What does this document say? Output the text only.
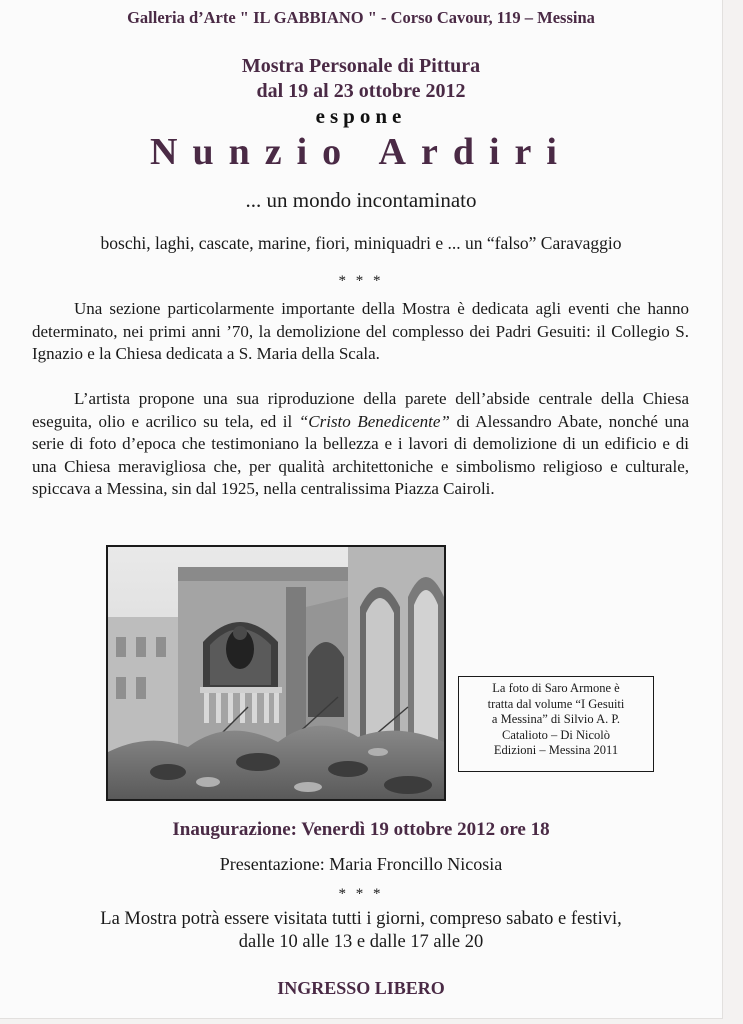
Galleria d’Arte " IL GABBIANO " - Corso Cavour, 119 – Messina
Mostra Personale di Pittura
dal 19 al 23 ottobre 2012
espone
Nunzio Ardiri
... un mondo incontaminato
boschi, laghi, cascate, marine, fiori, miniquadri e ... un “falso” Caravaggio
* * *
Una sezione particolarmente importante della Mostra è dedicata agli eventi che hanno determinato, nei primi anni ’70, la demolizione del complesso dei Padri Gesuiti: il Collegio S. Ignazio e la Chiesa dedicata a S. Maria della Scala.
L’artista propone una sua riproduzione della parete dell’abside centrale della Chiesa eseguita, olio e acrilico su tela, ed il “Cristo Benedicente” di Alessandro Abate, nonché una serie di foto d’epoca che testimoniano la bellezza e i lavori di demolizione di un edificio e di una Chiesa meravigliosa che, per qualità architettoniche e simbolismo religioso e culturale, spiccava a Messina, sin dal 1925, nella centralissima Piazza Cairoli.
La foto di Saro Armone è
tratta dal volume “I Gesuiti
a Messina” di Silvio A. P.
Catalioto – Di Nicolò
Edizioni – Messina 2011
Inaugurazione: Venerdì 19 ottobre 2012 ore 18
Presentazione: Maria Froncillo Nicosia
* * *
La Mostra potrà essere visitata tutti i giorni, compreso sabato e festivi,
dalle 10 alle 13 e dalle 17 alle 20
INGRESSO LIBERO
